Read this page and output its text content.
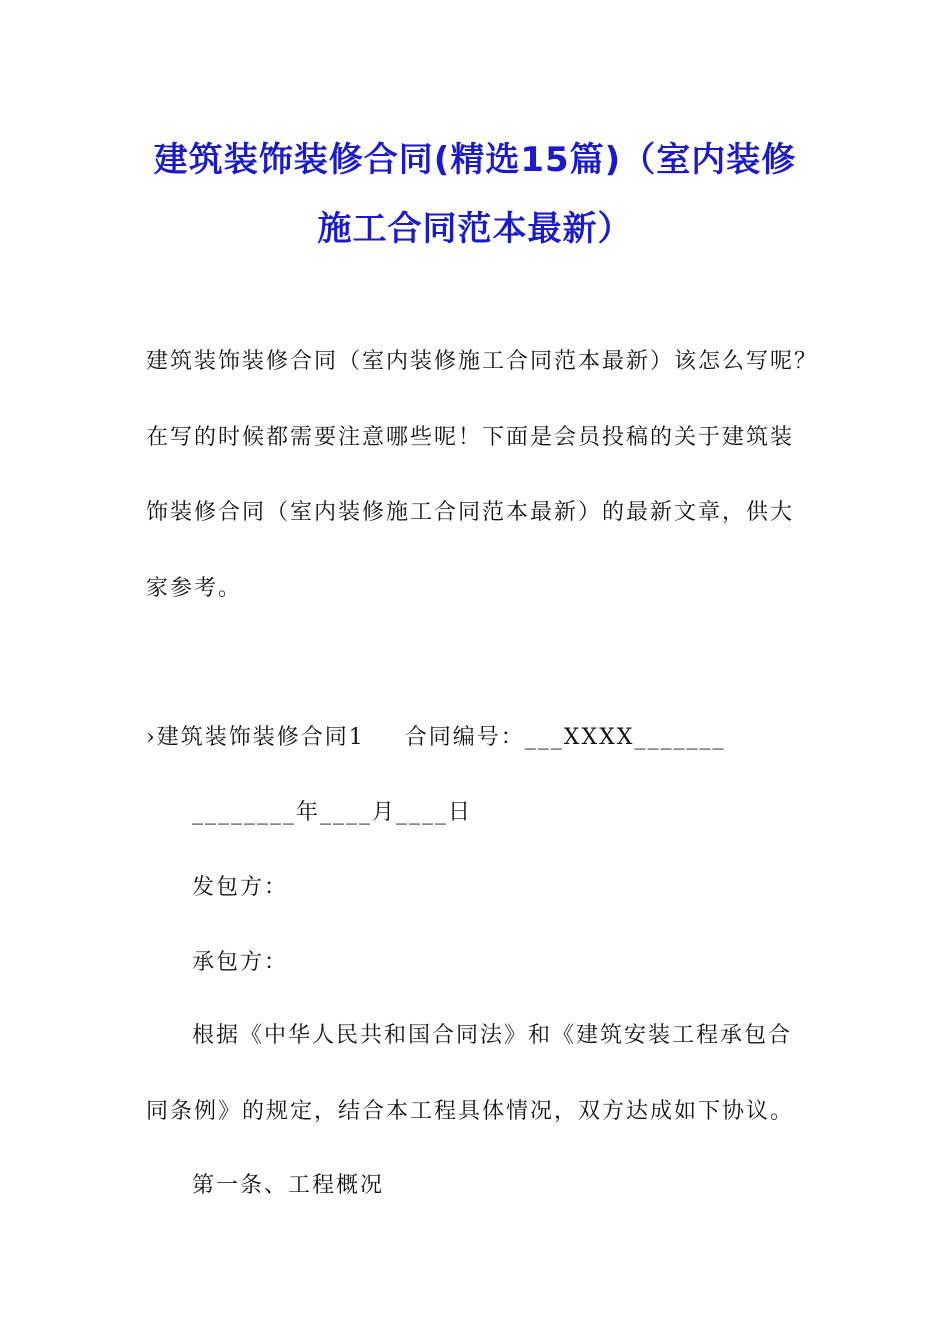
建筑装饰装修合同(精选15篇)（室内装修
施工合同范本最新）
建筑装饰装修合同（室内装修施工合同范本最新）该怎么写呢？
在写的时候都需要注意哪些呢！下面是会员投稿的关于建筑装
饰装修合同（室内装修施工合同范本最新）的最新文章，供大
家参考。
›建筑装饰装修合同1 合同编号：___XXXX_______
________年____月____日
发包方：
承包方：
根据《中华人民共和国合同法》和《建筑安装工程承包合
同条例》的规定，结合本工程具体情况，双方达成如下协议。
第一条、工程概况
